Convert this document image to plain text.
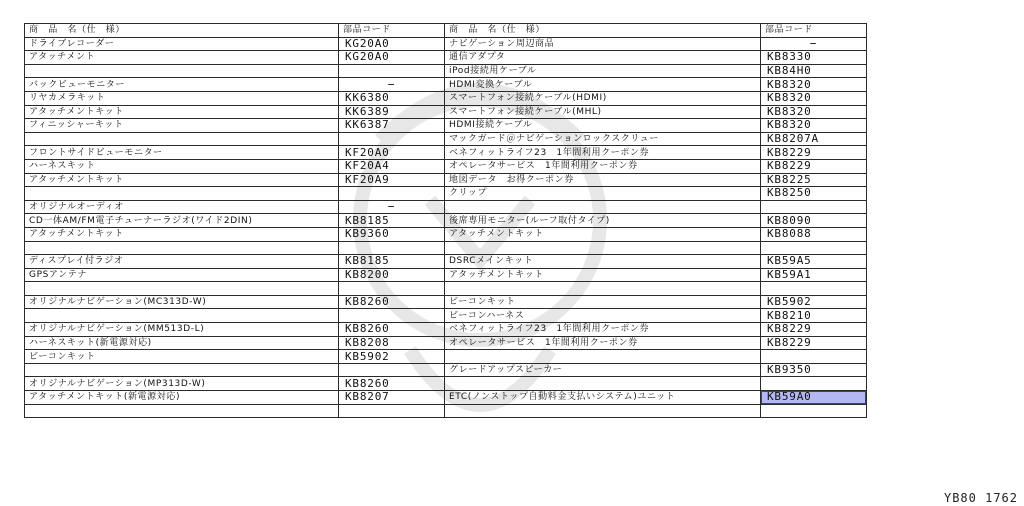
商　品　名（仕　様）	部品コード	商　品　名（仕　様）	部品コード
ドライブレコーダー	KG20A0	ナビゲーション周辺商品	−
アタッチメント	KG20A0	通信アダプタ	KB8330
		iPod接続用ケーブル	KB84H0
バックビューモニター	−	HDMI変換ケーブル	KB8320
リヤカメラキット	KK6380	スマートフォン接続ケーブル(HDMI)	KB8320
アタッチメントキット	KK6389	スマートフォン接続ケーブル(MHL)	KB8320
フィニッシャーキット	KK6387	HDMI接続ケーブル	KB8320
		マックガード＠ナビゲーションロックスクリュー	KB8207A
フロントサイドビューモニター	KF20A0	ベネフィットライフ23　1年間利用クーポン券	KB8229
ハーネスキット	KF20A4	オペレータサービス　1年間利用クーポン券	KB8229
アタッチメントキット	KF20A9	地図データ　お得クーポン券	KB8225
		クリップ	KB8250
オリジナルオーディオ	−		
CD一体AM/FM電子チューナーラジオ(ワイド2DIN)	KB8185	後席専用モニター(ルーフ取付タイプ)	KB8090
アタッチメントキット	KB9360	アタッチメントキット	KB8088

ディスプレイ付ラジオ	KB8185	DSRCメインキット	KB59A5
GPSアンテナ	KB8200	アタッチメントキット	KB59A1

オリジナルナビゲーション(MC313D-W)	KB8260	ビーコンキット	KB5902
		ビーコンハーネス	KB8210
オリジナルナビゲーション(MM513D-L)	KB8260	ベネフィットライフ23　1年間利用クーポン券	KB8229
ハーネスキット(新電源対応)	KB8208	オペレータサービス　1年間利用クーポン券	KB8229
ビーコンキット	KB5902		
		グレードアップスピーカー	KB9350
オリジナルナビゲーション(MP313D-W)	KB8260		
アタッチメントキット(新電源対応)	KB8207	ETC(ノンストップ自動料金支払いシステム)ユニット	KB59A0

YB80 1762
